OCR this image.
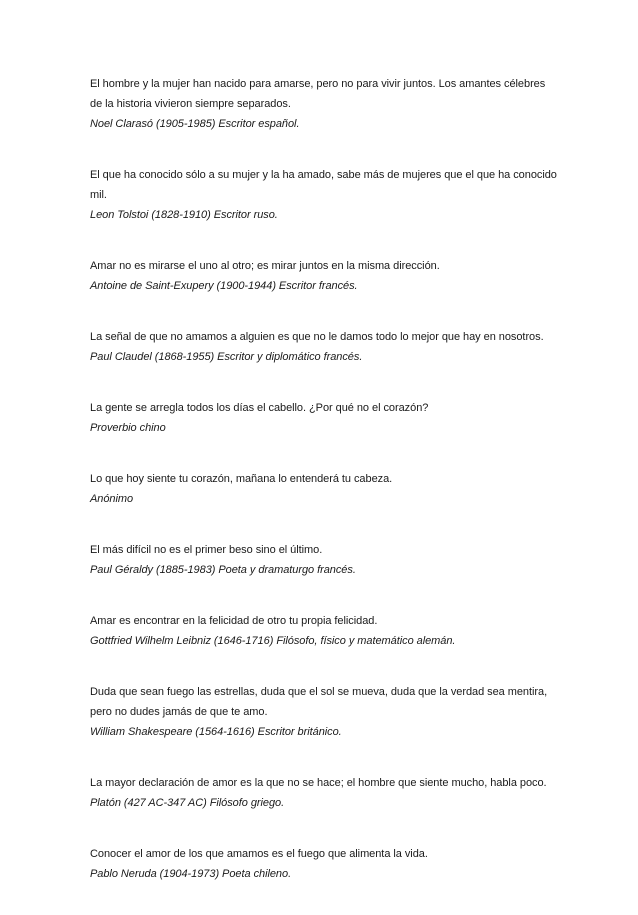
El hombre y la mujer han nacido para amarse, pero no para vivir juntos. Los amantes célebres de la historia vivieron siempre separados.

Noel Clarasó (1905-1985) Escritor español.

El que ha conocido sólo a su mujer y la ha amado, sabe más de mujeres que el que ha conocido mil.

Leon Tolstoi (1828-1910) Escritor ruso.

Amar no es mirarse el uno al otro; es mirar juntos en la misma dirección.

Antoine de Saint-Exupery (1900-1944) Escritor francés.

La señal de que no amamos a alguien es que no le damos todo lo mejor que hay en nosotros.

Paul Claudel (1868-1955) Escritor y diplomático francés.

La gente se arregla todos los días el cabello. ¿Por qué no el corazón?

Proverbio chino

Lo que hoy siente tu corazón, mañana lo entenderá tu cabeza.

Anónimo

El más difícil no es el primer beso sino el último.

Paul Géraldy (1885-1983) Poeta y dramaturgo francés.

Amar es encontrar en la felicidad de otro tu propia felicidad.

Gottfried Wilhelm Leibniz (1646-1716) Filósofo, físico y matemático alemán.

Duda que sean fuego las estrellas, duda que el sol se mueva, duda que la verdad sea mentira, pero no dudes jamás de que te amo.

William Shakespeare (1564-1616) Escritor británico.

La mayor declaración de amor es la que no se hace; el hombre que siente mucho, habla poco.

Platón (427 AC-347 AC) Filósofo griego.

Conocer el amor de los que amamos es el fuego que alimenta la vida.

Pablo Neruda (1904-1973) Poeta chileno.
